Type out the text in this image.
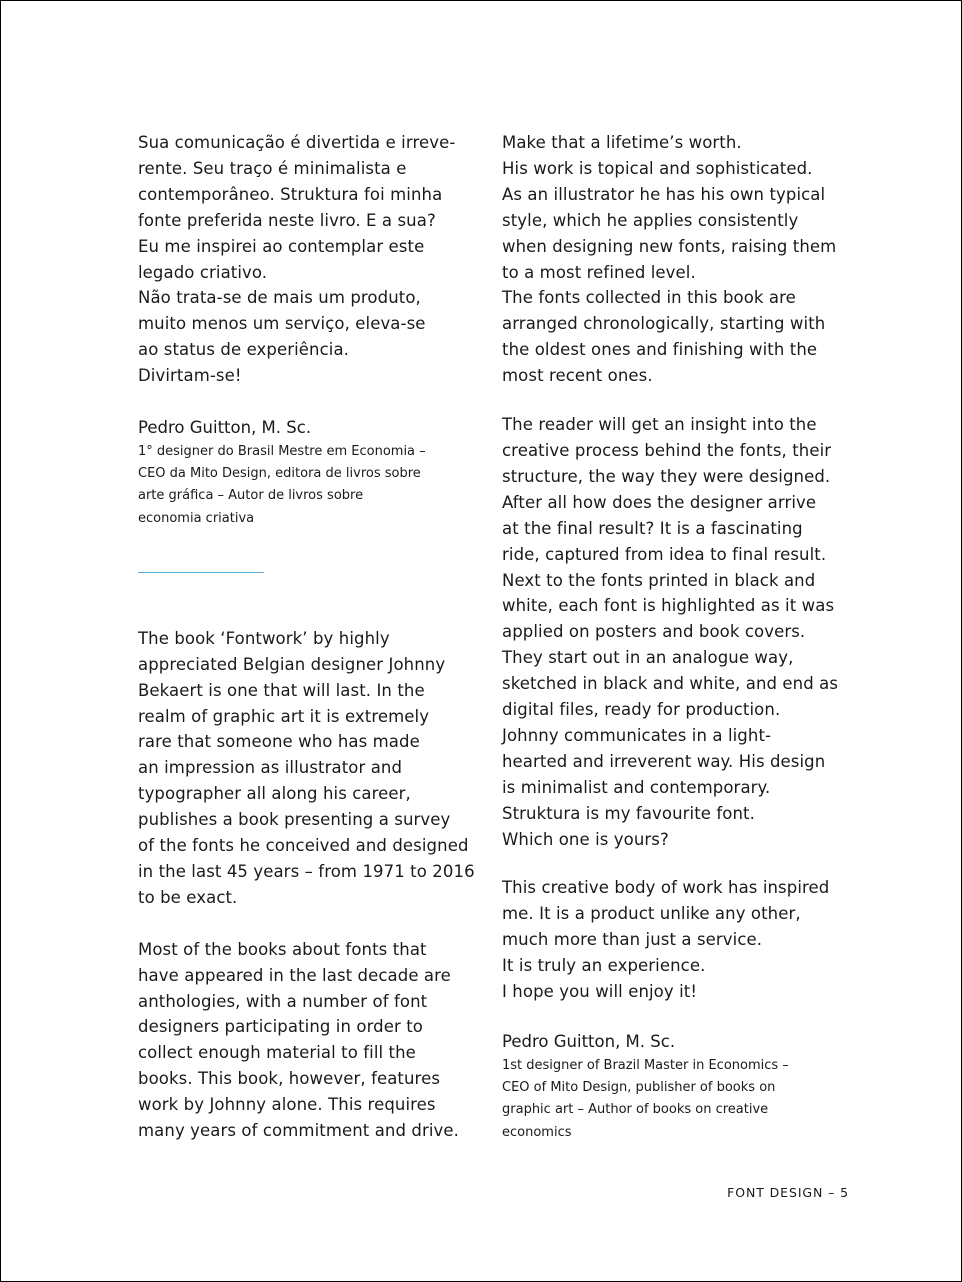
Sua comunicação é divertida e irreve-
rente. Seu traço é minimalista e
contemporâneo. Struktura foi minha
fonte preferida neste livro. E a sua?
Eu me inspirei ao contemplar este
legado criativo.
Não trata-se de mais um produto,
muito menos um serviço, eleva-se
ao status de experiência.
Divirtam-se!
Pedro Guitton, M. Sc.
1° designer do Brasil Mestre em Economia –
CEO da Mito Design, editora de livros sobre
arte gráfica – Autor de livros sobre
economia criativa
The book ‘Fontwork’ by highly
appreciated Belgian designer Johnny
Bekaert is one that will last. In the
realm of graphic art it is extremely
rare that someone who has made
an impression as illustrator and
typographer all along his career,
publishes a book presenting a survey
of the fonts he conceived and designed
in the last 45 years – from 1971 to 2016
to be exact.
Most of the books about fonts that
have appeared in the last decade are
anthologies, with a number of font
designers participating in order to
collect enough material to fill the
books. This book, however, features
work by Johnny alone. This requires
many years of commitment and drive.
Make that a lifetime’s worth.
His work is topical and sophisticated.
As an illustrator he has his own typical
style, which he applies consistently
when designing new fonts, raising them
to a most refined level.
The fonts collected in this book are
arranged chronologically, starting with
the oldest ones and finishing with the
most recent ones.
The reader will get an insight into the
creative process behind the fonts, their
structure, the way they were designed.
After all how does the designer arrive
at the final result? It is a fascinating
ride, captured from idea to final result.
Next to the fonts printed in black and
white, each font is highlighted as it was
applied on posters and book covers.
They start out in an analogue way,
sketched in black and white, and end as
digital files, ready for production.
Johnny communicates in a light-
hearted and irreverent way. His design
is minimalist and contemporary.
Struktura is my favourite font.
Which one is yours?
This creative body of work has inspired
me. It is a product unlike any other,
much more than just a service.
It is truly an experience.
I hope you will enjoy it!
Pedro Guitton, M. Sc.
1st designer of Brazil Master in Economics –
CEO of Mito Design, publisher of books on
graphic art – Author of books on creative
economics
FONT DESIGN – 5
